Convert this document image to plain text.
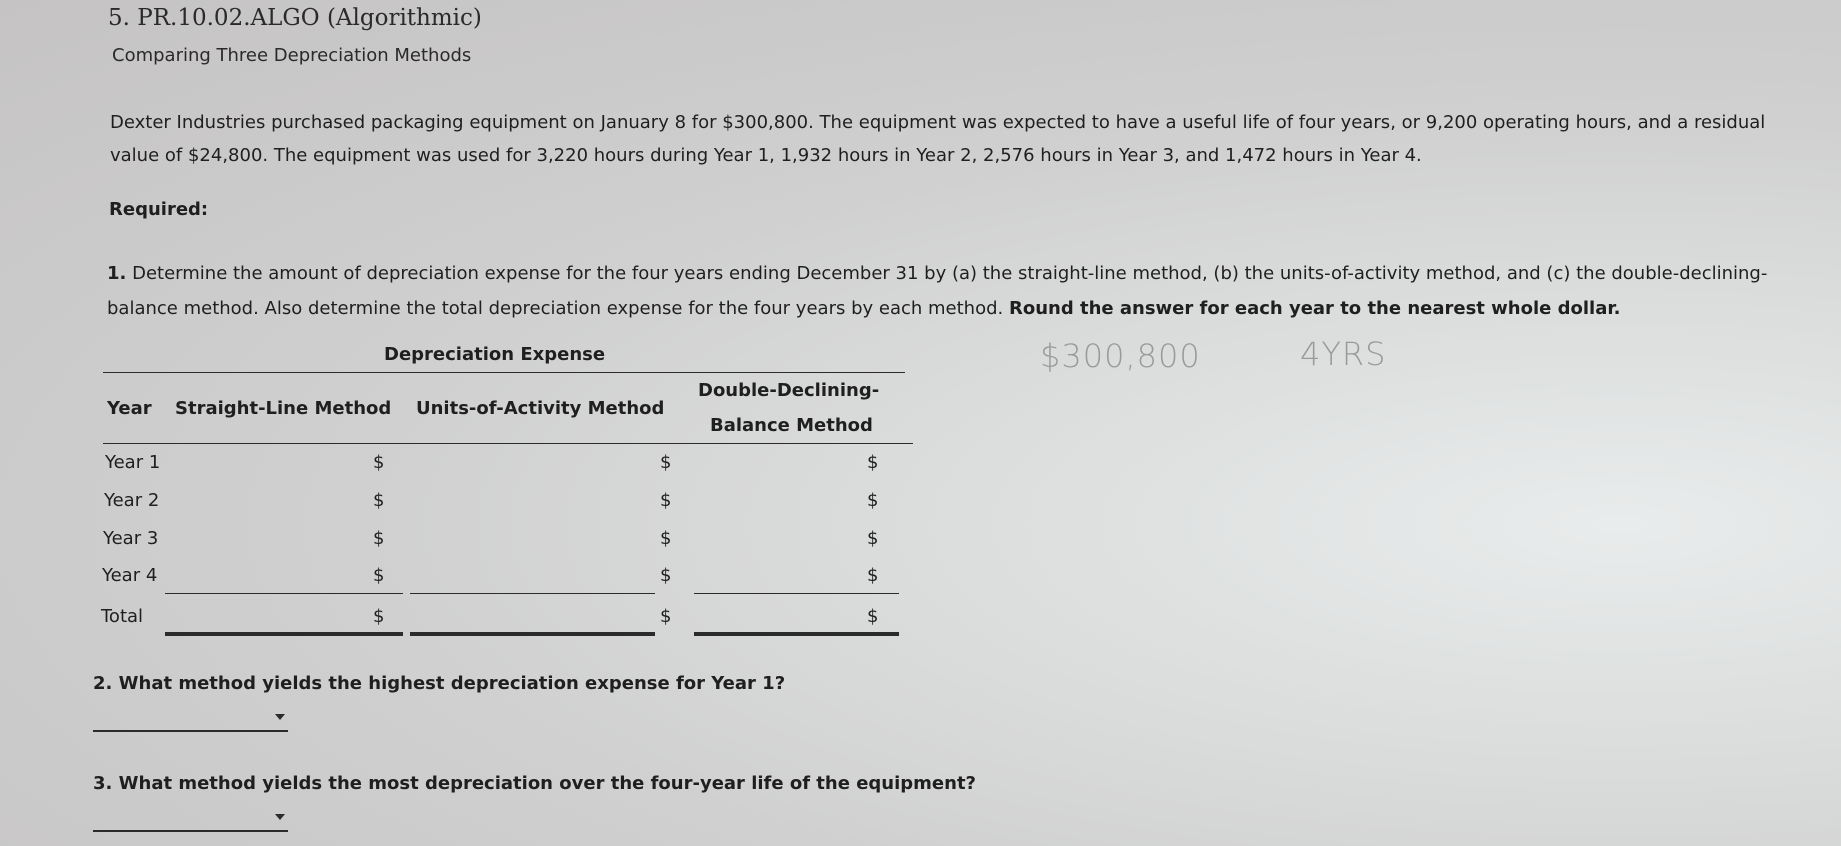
5. PR.10.02.ALGO (Algorithmic)
Comparing Three Depreciation Methods
Dexter Industries purchased packaging equipment on January 8 for $300,800. The equipment was expected to have a useful life of four years, or 9,200 operating hours, and a residual value of $24,800. The equipment was used for 3,220 hours during Year 1, 1,932 hours in Year 2, 2,576 hours in Year 3, and 1,472 hours in Year 4.
Required:
1. Determine the amount of depreciation expense for the four years ending December 31 by (a) the straight-line method, (b) the units-of-activity method, and (c) the double-declining-balance method. Also determine the total depreciation expense for the four years by each method. Round the answer for each year to the nearest whole dollar.
$300,800	4YRS
Depreciation Expense
Year Straight-Line Method Units-of-Activity Method
Double-Declining-
Balance Method
Year 1	$	$	$
Year 2	$	$	$
Year 3	$	$	$
Year 4	$	$	$
Total	$	$	$
2. What method yields the highest depreciation expense for Year 1?
3. What method yields the most depreciation over the four-year life of the equipment?
